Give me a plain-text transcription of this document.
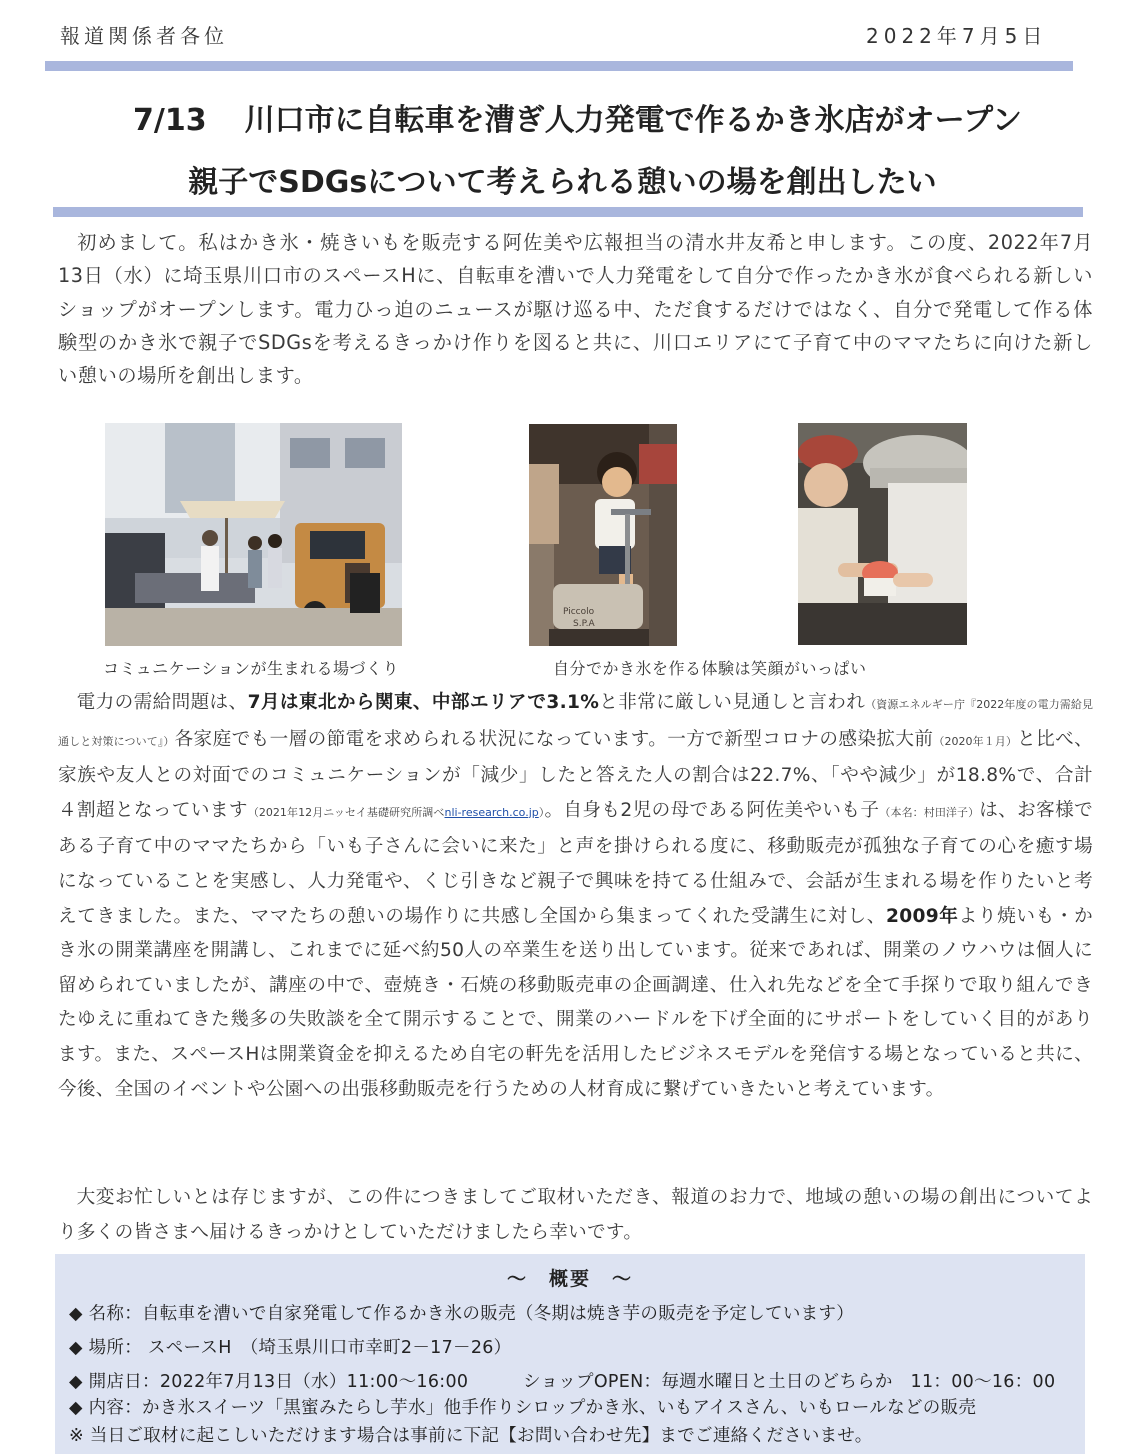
報道関係者各位	2022年7月5日
7/13 川口市に自転車を漕ぎ人力発電で作るかき氷店がオープン
親子でSDGsについて考えられる憩いの場を創出したい

初めまして。私はかき氷・焼きいもを販売する阿佐美や広報担当の清水井友希と申します。この度、2022年7月13日（水）に埼玉県川口市のスペースHに、自転車を漕いで人力発電をして自分で作ったかき氷が食べられる新しいショップがオープンします。電力ひっ迫のニュースが駆け巡る中、ただ食するだけではなく、自分で発電して作る体験型のかき氷で親子でSDGsを考えるきっかけ作りを図ると共に、川口エリアにて子育て中のママたちに向けた新しい憩いの場所を創出します。

Piccolo
S.P.A
コミュニケーションが生まれる場づくり	自分でかき氷を作る体験は笑顔がいっぱい

電力の需給問題は、7月は東北から関東、中部エリアで3.1%と非常に厳しい見通しと言われ（資源エネルギー庁『2022年度の電力需給見通しと対策について』）各家庭でも一層の節電を求められる状況になっています。一方で新型コロナの感染拡大前（2020年１月）と比べ、家族や友人との対面でのコミュニケーションが「減少」したと答えた人の割合は22.7%、「やや減少」が18.8%で、合計４割超となっています（2021年12月ニッセイ基礎研究所調べnli-research.co.jp）。自身も2児の母である阿佐美やいも子（本名：村田洋子）は、お客様である子育て中のママたちから「いも子さんに会いに来た」と声を掛けられる度に、移動販売が孤独な子育ての心を癒す場になっていることを実感し、人力発電や、くじ引きなど親子で興味を持てる仕組みで、会話が生まれる場を作りたいと考えてきました。また、ママたちの憩いの場作りに共感し全国から集まってくれた受講生に対し、2009年より焼いも・かき氷の開業講座を開講し、これまでに延べ約50人の卒業生を送り出しています。従来であれば、開業のノウハウは個人に留められていましたが、講座の中で、壺焼き・石焼の移動販売車の企画調達、仕入れ先などを全て手探りで取り組んできたゆえに重ねてきた幾多の失敗談を全て開示することで、開業のハードルを下げ全面的にサポートをしていく目的があります。また、スペースHは開業資金を抑えるため自宅の軒先を活用したビジネスモデルを発信する場となっていると共に、今後、全国のイベントや公園への出張移動販売を行うための人材育成に繋げていきたいと考えています。

大変お忙しいとは存じますが、この件につきましてご取材いただき、報道のお力で、地域の憩いの場の創出についてより多くの皆さまへ届けるきっかけとしていただけましたら幸いです。

～　概要　～
◆ 名称：自転車を漕いで自家発電して作るかき氷の販売（冬期は焼き芋の販売を予定しています）
◆ 場所： スペースH　（埼玉県川口市幸町2－17－26）
◆ 開店日：2022年7月13日（水）11:00～16:00	ショップOPEN：毎週水曜日と土日のどちらか　11：00～16：00
◆ 内容：かき氷スイーツ「黒蜜みたらし芋水」他手作りシロップかき氷、いもアイスさん、いもロールなどの販売
※ 当日ご取材に起こしいただけます場合は事前に下記【お問い合わせ先】までご連絡くださいませ。
